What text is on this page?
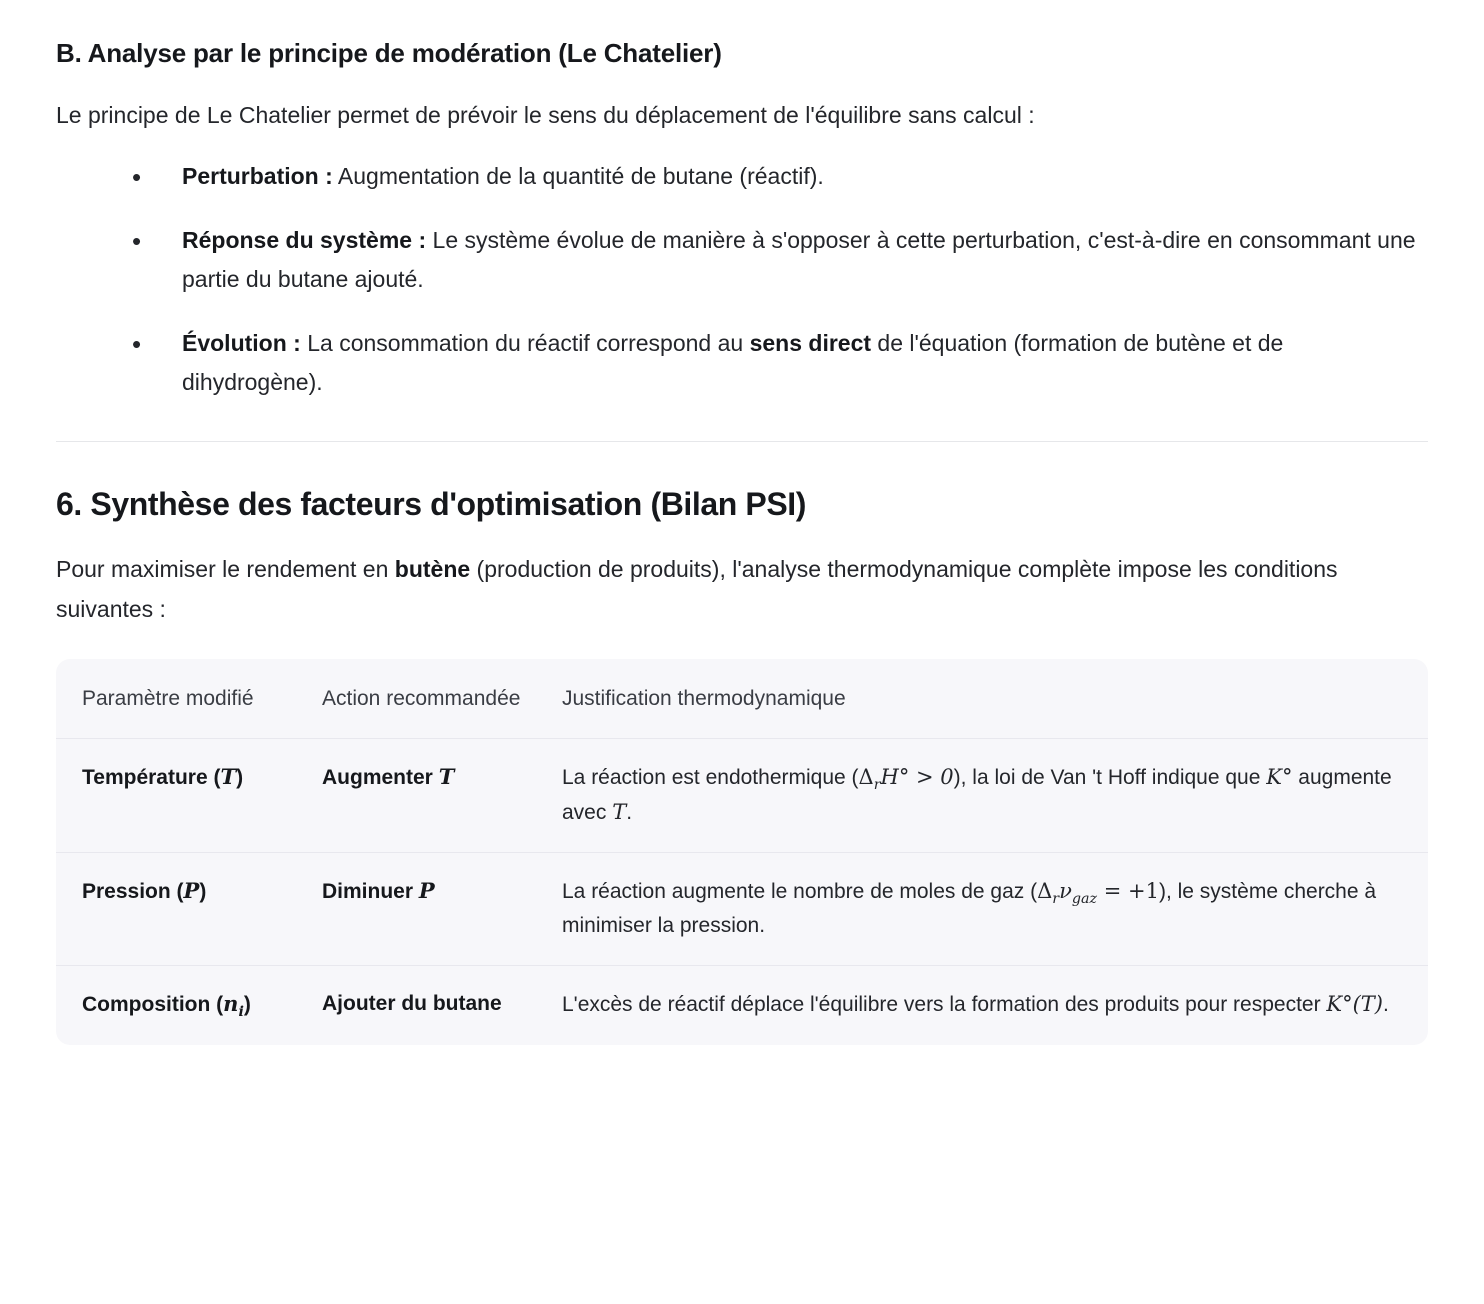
B. Analyse par le principe de modération (Le Chatelier)

Le principe de Le Chatelier permet de prévoir le sens du déplacement de l'équilibre sans calcul :

• Perturbation : Augmentation de la quantité de butane (réactif).
• Réponse du système : Le système évolue de manière à s'opposer à cette perturbation, c'est-à-dire en consommant une partie du butane ajouté.
• Évolution : La consommation du réactif correspond au sens direct de l'équation (formation de butène et de dihydrogène).
6. Synthèse des facteurs d'optimisation (Bilan PSI)

Pour maximiser le rendement en butène (production de produits), l'analyse thermodynamique complète impose les conditions suivantes :

Paramètre modifié	Action recommandée	Justification thermodynamique
Température (T)	Augmenter T	La réaction est endothermique $(\Delta_rH^\circ > 0)$, la loi de Van 't Hoff indique que K° augmente avec T.
Pression (P)	Diminuer P	La réaction augmente le nombre de moles de gaz $(\Delta_r\nu_{gaz} = +1)$, le système cherche à minimiser la pression.
Composition $(n_i)$	Ajouter du butane	L'excès de réactif déplace l'équilibre vers la formation des produits pour respecter K°(T).
